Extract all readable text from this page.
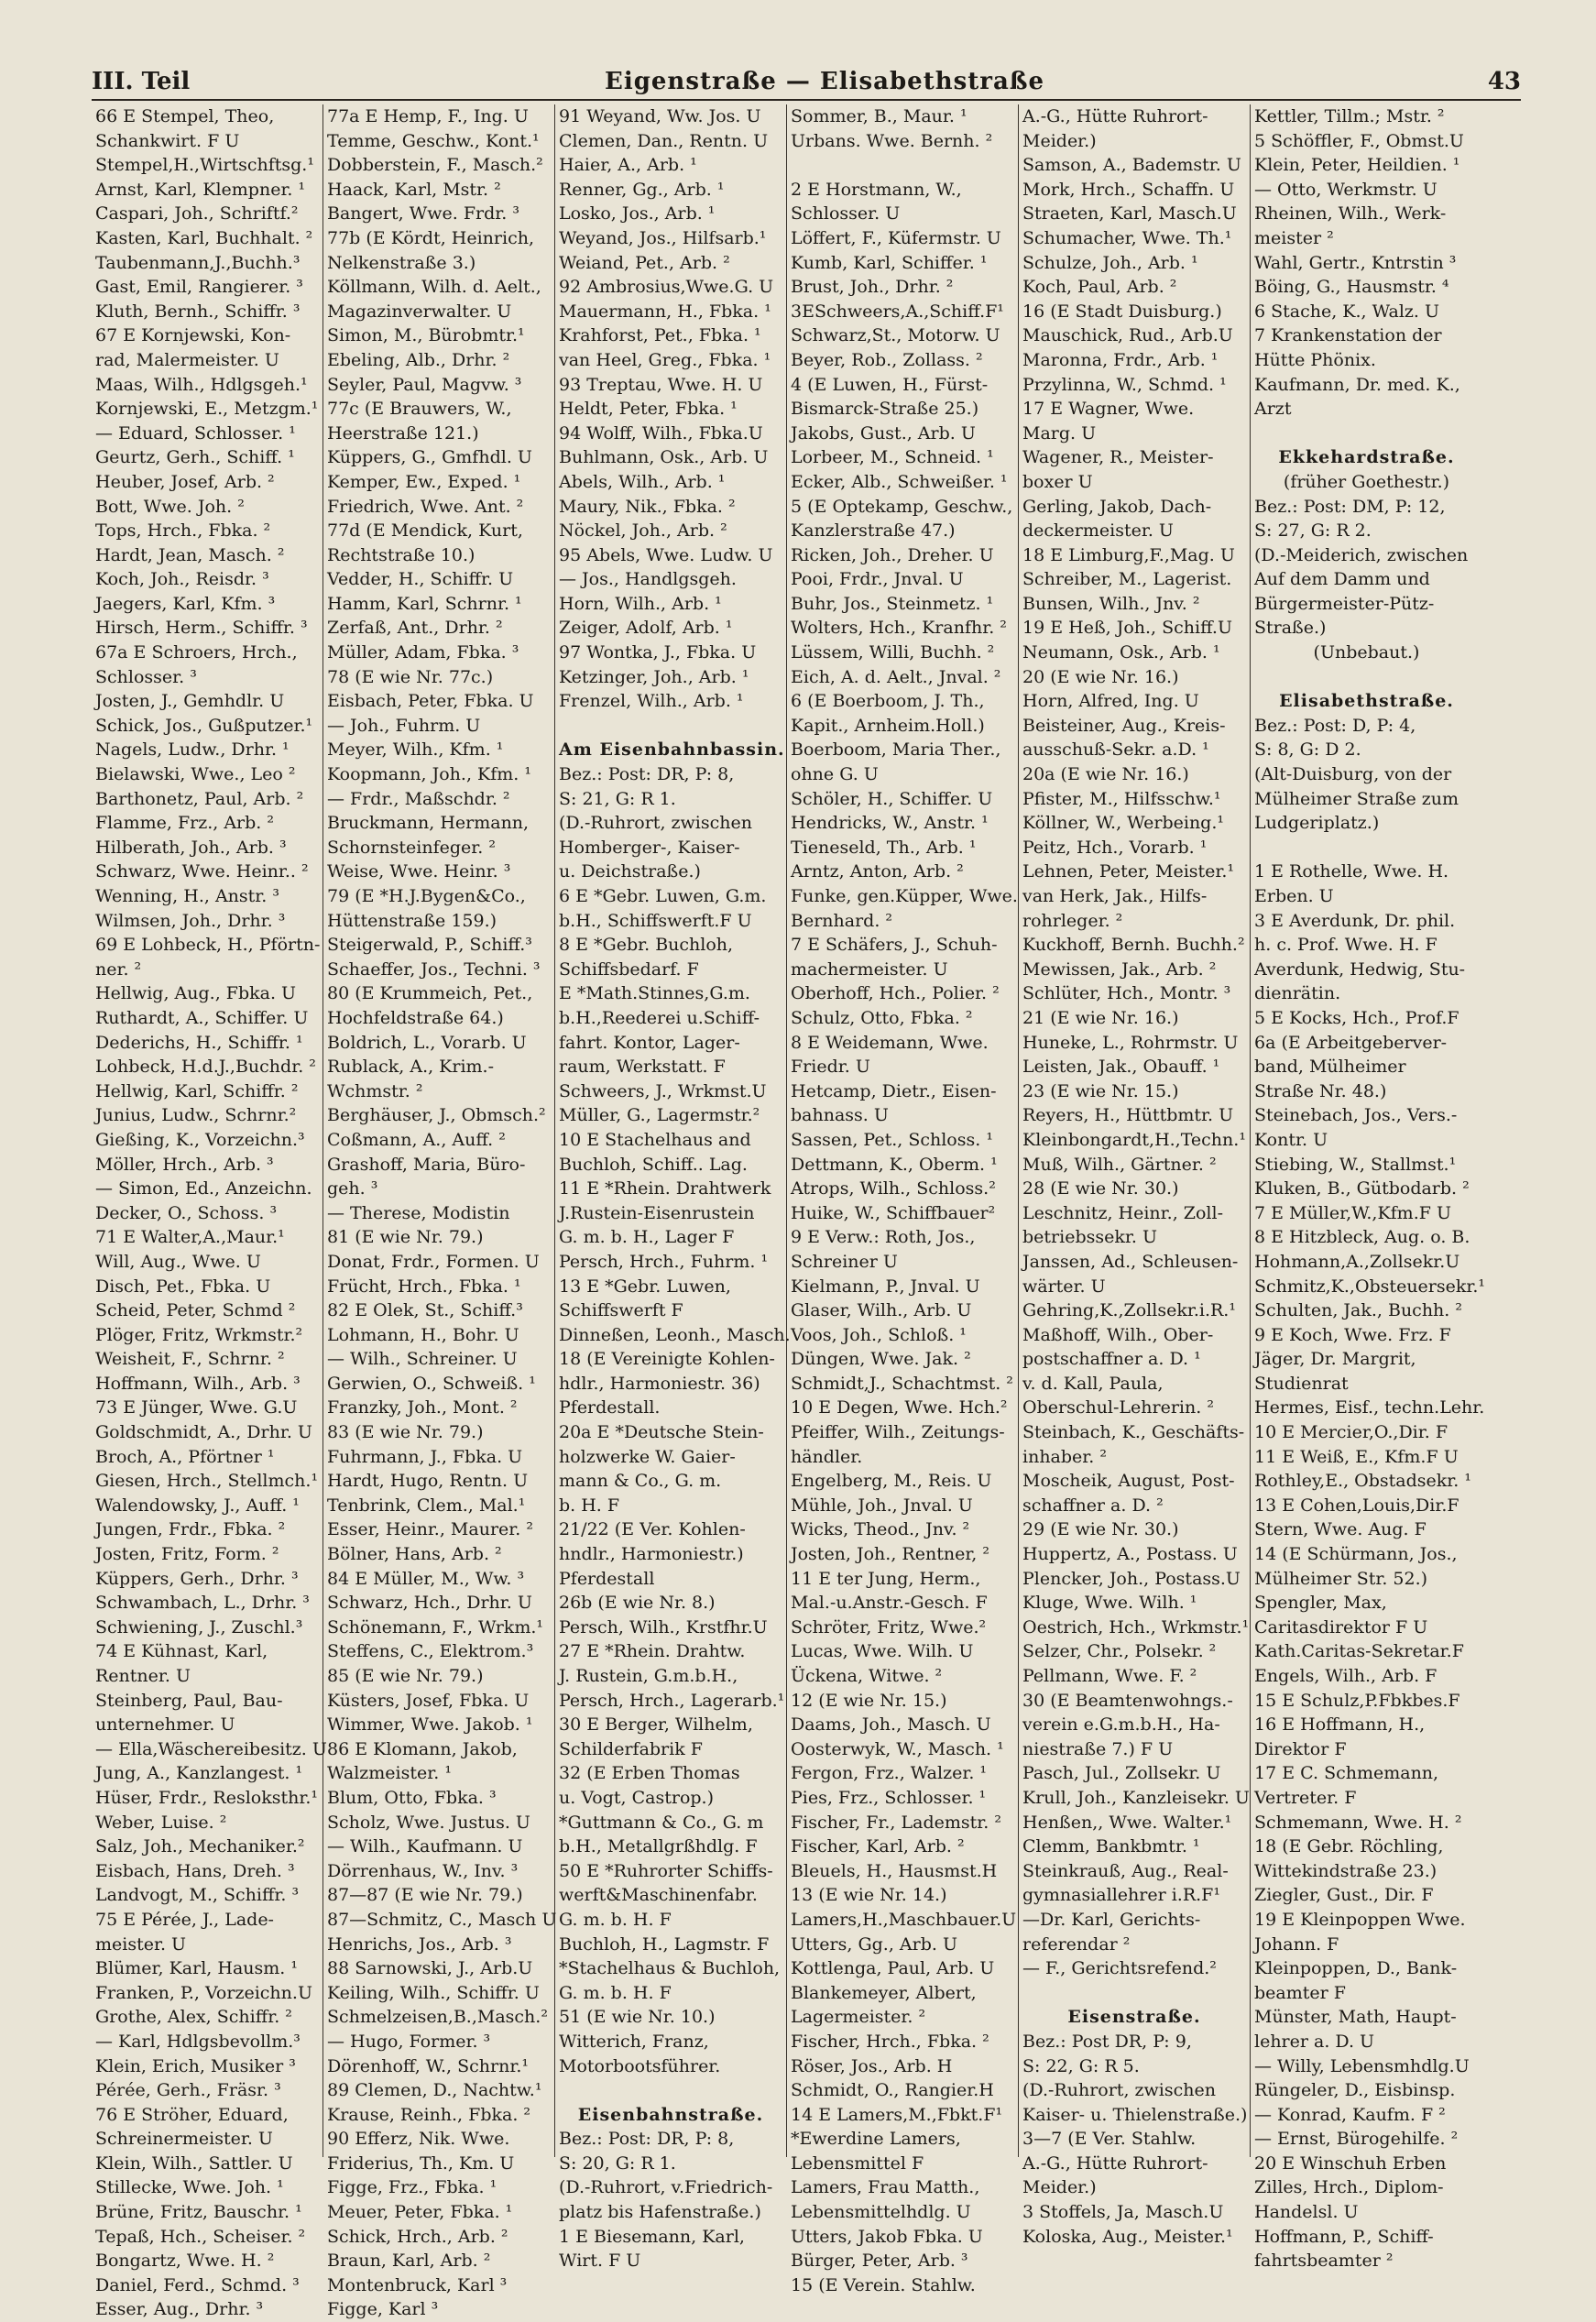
III. Teil	Eigenstraße — Elisabethstraße	43
66 E Stempel, Theo,
Schankwirt. F U
Stempel,H.,Wirtschftsg.¹
Arnst, Karl, Klempner. ¹
Caspari, Joh., Schriftf.²
Kasten, Karl, Buchhalt. ²
Taubenmann,J.,Buchh.³
Gast, Emil, Rangierer. ³
Kluth, Bernh., Schiffr. ³
67 E Kornjewski, Kon-
rad, Malermeister. U
Maas, Wilh., Hdlgsgeh.¹
Kornjewski, E., Metzgm.¹
— Eduard, Schlosser. ¹
Geurtz, Gerh., Schiff. ¹
Heuber, Josef, Arb. ²
Bott, Wwe. Joh. ²
Tops, Hrch., Fbka. ²
Hardt, Jean, Masch. ²
Koch, Joh., Reisdr. ³
Jaegers, Karl, Kfm. ³
Hirsch, Herm., Schiffr. ³
67a E Schroers, Hrch.,
Schlosser. ³
Josten, J., Gemhdlr. U
Schick, Jos., Gußputzer.¹
Nagels, Ludw., Drhr. ¹
Bielawski, Wwe., Leo ²
Barthonetz, Paul, Arb. ²
Flamme, Frz., Arb. ²
Hilberath, Joh., Arb. ³
Schwarz, Wwe. Heinr.. ²
Wenning, H., Anstr. ³
Wilmsen, Joh., Drhr. ³
69 E Lohbeck, H., Pförtn-
ner. ²
Hellwig, Aug., Fbka. U
Ruthardt, A., Schiffer. U
Dederichs, H., Schiffr. ¹
Lohbeck, H.d.J.,Buchdr. ²
Hellwig, Karl, Schiffr. ²
Junius, Ludw., Schrnr.²
Gießing, K., Vorzeichn.³
Möller, Hrch., Arb. ³
— Simon, Ed., Anzeichn.
Decker, O., Schoss. ³
71 E Walter,A.,Maur.¹
Will, Aug., Wwe. U
Disch, Pet., Fbka. U
Scheid, Peter, Schmd ²
Plöger, Fritz, Wrkmstr.²
Weisheit, F., Schrnr. ²
Hoffmann, Wilh., Arb. ³
73 E Jünger, Wwe. G.U
Goldschmidt, A., Drhr. U
Broch, A., Pförtner ¹
Giesen, Hrch., Stellmch.¹
Walendowsky, J., Auff. ¹
Jungen, Frdr., Fbka. ²
Josten, Fritz, Form. ²
Küppers, Gerh., Drhr. ³
Schwambach, L., Drhr. ³
Schwiening, J., Zuschl.³
74 E Kühnast, Karl,
Rentner. U
Steinberg, Paul, Bau-
unternehmer. U
— Ella,Wäschereibesitz. U
Jung, A., Kanzlangest. ¹
Hüser, Frdr., Resloksthr.¹
Weber, Luise. ²
Salz, Joh., Mechaniker.²
Eisbach, Hans, Dreh. ³
Landvogt, M., Schiffr. ³
75 E Pérée, J., Lade-
meister. U
Blümer, Karl, Hausm. ¹
Franken, P., Vorzeichn.U
Grothe, Alex, Schiffr. ²
— Karl, Hdlgsbevollm.³
Klein, Erich, Musiker ³
Pérée, Gerh., Fräsr. ³
76 E Ströher, Eduard,
Schreinermeister. U
Klein, Wilh., Sattler. U
Stillecke, Wwe. Joh. ¹
Brüne, Fritz, Bauschr. ¹
Tepaß, Hch., Scheiser. ²
Bongartz, Wwe. H. ²
Daniel, Ferd., Schmd. ³
Esser, Aug., Drhr. ³
77a E Hemp, F., Ing. U
Temme, Geschw., Kont.¹
Dobberstein, F., Masch.²
Haack, Karl, Mstr. ²
Bangert, Wwe. Frdr. ³
77b (E Kördt, Heinrich,
Nelkenstraße 3.)
Köllmann, Wilh. d. Aelt.,
Magazinverwalter. U
Simon, M., Bürobmtr.¹
Ebeling, Alb., Drhr. ²
Seyler, Paul, Magvw. ³
77c (E Brauwers, W.,
Heerstraße 121.)
Küppers, G., Gmfhdl. U
Kemper, Ew., Exped. ¹
Friedrich, Wwe. Ant. ²
77d (E Mendick, Kurt,
Rechtstraße 10.)
Vedder, H., Schiffr. U
Hamm, Karl, Schrnr. ¹
Zerfaß, Ant., Drhr. ²
Müller, Adam, Fbka. ³
78 (E wie Nr. 77c.)
Eisbach, Peter, Fbka. U
— Joh., Fuhrm. U
Meyer, Wilh., Kfm. ¹
Koopmann, Joh., Kfm. ¹
— Frdr., Maßschdr. ²
Bruckmann, Hermann,
Schornsteinfeger. ²
Weise, Wwe. Heinr. ³
79 (E *H.J.Bygen&Co.,
Hüttenstraße 159.)
Steigerwald, P., Schiff.³
Schaeffer, Jos., Techni. ³
80 (E Krummeich, Pet.,
Hochfeldstraße 64.)
Boldrich, L., Vorarb. U
Rublack, A., Krim.-
Wchmstr. ²
Berghäuser, J., Obmsch.²
Coßmann, A., Auff. ²
Grashoff, Maria, Büro-
geh. ³
— Therese, Modistin
81 (E wie Nr. 79.)
Donat, Frdr., Formen. U
Frücht, Hrch., Fbka. ¹
82 E Olek, St., Schiff.³
Lohmann, H., Bohr. U
— Wilh., Schreiner. U
Gerwien, O., Schweiß. ¹
Franzky, Joh., Mont. ²
83 (E wie Nr. 79.)
Fuhrmann, J., Fbka. U
Hardt, Hugo, Rentn. U
Tenbrink, Clem., Mal.¹
Esser, Heinr., Maurer. ²
Bölner, Hans, Arb. ²
84 E Müller, M., Ww. ³
Schwarz, Hch., Drhr. U
Schönemann, F., Wrkm.¹
Steffens, C., Elektrom.³
85 (E wie Nr. 79.)
Küsters, Josef, Fbka. U
Wimmer, Wwe. Jakob. ¹
86 E Klomann, Jakob,
Walzmeister. ¹
Blum, Otto, Fbka. ³
Scholz, Wwe. Justus. U
— Wilh., Kaufmann. U
Dörrenhaus, W., Inv. ³
87—87 (E wie Nr. 79.)
87—Schmitz, C., Masch U
Henrichs, Jos., Arb. ³
88 Sarnowski, J., Arb.U
Keiling, Wilh., Schiffr. U
Schmelzeisen,B.,Masch.²
— Hugo, Former. ³
Dörenhoff, W., Schrnr.¹
89 Clemen, D., Nachtw.¹
Krause, Reinh., Fbka. ²
90 Efferz, Nik. Wwe.
Friderius, Th., Km. U
Figge, Frz., Fbka. ¹
Meuer, Peter, Fbka. ¹
Schick, Hrch., Arb. ²
Braun, Karl, Arb. ²
Montenbruck, Karl ³
Figge, Karl ³
91 Weyand, Ww. Jos. U
Clemen, Dan., Rentn. U
Haier, A., Arb. ¹
Renner, Gg., Arb. ¹
Losko, Jos., Arb. ¹
Weyand, Jos., Hilfsarb.¹
Weiand, Pet., Arb. ²
92 Ambrosius,Wwe.G. U
Mauermann, H., Fbka. ¹
Krahforst, Pet., Fbka. ¹
van Heel, Greg., Fbka. ¹
93 Treptau, Wwe. H. U
Heldt, Peter, Fbka. ¹
94 Wolff, Wilh., Fbka.U
Buhlmann, Osk., Arb. U
Abels, Wilh., Arb. ¹
Maury, Nik., Fbka. ²
Nöckel, Joh., Arb. ²
95 Abels, Wwe. Ludw. U
— Jos., Handlgsgeh.
Horn, Wilh., Arb. ¹
Zeiger, Adolf, Arb. ¹
97 Wontka, J., Fbka. U
Ketzinger, Joh., Arb. ¹
Frenzel, Wilh., Arb. ¹
Am Eisenbahnbassin.
Bez.: Post: DR, P: 8,
S: 21, G: R 1.
(D.-Ruhrort, zwischen
Homberger-, Kaiser-
u. Deichstraße.)
6 E *Gebr. Luwen, G.m.
b.H., Schiffswerft.F U
8 E *Gebr. Buchloh,
Schiffsbedarf. F
E *Math.Stinnes,G.m.
b.H.,Reederei u.Schiff-
fahrt. Kontor, Lager-
raum, Werkstatt. F
Schweers, J., Wrkmst.U
Müller, G., Lagermstr.²
10 E Stachelhaus and
Buchloh, Schiff.. Lag.
11 E *Rhein. Drahtwerk
J.Rustein-Eisenrustein
G. m. b. H., Lager F
Persch, Hrch., Fuhrm. ¹
13 E *Gebr. Luwen,
Schiffswerft F
Dinneßen, Leonh., Masch.
18 (E Vereinigte Kohlen-
hdlr., Harmoniestr. 36)
Pferdestall.
20a E *Deutsche Stein-
holzwerke W. Gaier-
mann & Co., G. m.
b. H. F
21/22 (E Ver. Kohlen-
hndlr., Harmoniestr.)
Pferdestall
26b (E wie Nr. 8.)
Persch, Wilh., Krstfhr.U
27 E *Rhein. Drahtw.
J. Rustein, G.m.b.H.,
Persch, Hrch., Lagerarb.¹
30 E Berger, Wilhelm,
Schilderfabrik F
32 (E Erben Thomas
u. Vogt, Castrop.)
*Guttmann & Co., G. m
b.H., Metallgrßhdlg. F
50 E *Ruhrorter Schiffs-
werft&Maschinenfabr.
G. m. b. H. F
Buchloh, H., Lagmstr. F
*Stachelhaus & Buchloh,
G. m. b. H. F
51 (E wie Nr. 10.)
Witterich, Franz,
Motorbootsführer.
Eisenbahnstraße.
Bez.: Post: DR, P: 8,
S: 20, G: R 1.
(D.-Ruhrort, v.Friedrich-
platz bis Hafenstraße.)
1 E Biesemann, Karl,
Wirt. F U
Sommer, B., Maur. ¹
Urbans. Wwe. Bernh. ²
2 E Horstmann, W.,
Schlosser. U
Löffert, F., Küfermstr. U
Kumb, Karl, Schiffer. ¹
Brust, Joh., Drhr. ²
3ESchweers,A.,Schiff.F¹
Schwarz,St., Motorw. U
Beyer, Rob., Zollass. ²
4 (E Luwen, H., Fürst-
Bismarck-Straße 25.)
Jakobs, Gust., Arb. U
Lorbeer, M., Schneid. ¹
Ecker, Alb., Schweißer. ¹
5 (E Optekamp, Geschw.,
Kanzlerstraße 47.)
Ricken, Joh., Dreher. U
Pooi, Frdr., Jnval. U
Buhr, Jos., Steinmetz. ¹
Wolters, Hch., Kranfhr. ²
Lüssem, Willi, Buchh. ²
Eich, A. d. Aelt., Jnval. ²
6 (E Boerboom, J. Th.,
Kapit., Arnheim.Holl.)
Boerboom, Maria Ther.,
ohne G. U
Schöler, H., Schiffer. U
Hendricks, W., Anstr. ¹
Tieneseld, Th., Arb. ¹
Arntz, Anton, Arb. ²
Funke, gen.Küpper, Wwe.
Bernhard. ²
7 E Schäfers, J., Schuh-
machermeister. U
Oberhoff, Hch., Polier. ²
Schulz, Otto, Fbka. ²
8 E Weidemann, Wwe.
Friedr. U
Hetcamp, Dietr., Eisen-
bahnass. U
Sassen, Pet., Schloss. ¹
Dettmann, K., Oberm. ¹
Atrops, Wilh., Schloss.²
Huike, W., Schiffbauer²
9 E Verw.: Roth, Jos.,
Schreiner U
Kielmann, P., Jnval. U
Glaser, Wilh., Arb. U
Voos, Joh., Schloß. ¹
Düngen, Wwe. Jak. ²
Schmidt,J., Schachtmst. ²
10 E Degen, Wwe. Hch.²
Pfeiffer, Wilh., Zeitungs-
händler.
Engelberg, M., Reis. U
Mühle, Joh., Jnval. U
Wicks, Theod., Jnv. ²
Josten, Joh., Rentner, ²
11 E ter Jung, Herm.,
Mal.-u.Anstr.-Gesch. F
Schröter, Fritz, Wwe.²
Lucas, Wwe. Wilh. U
Ückena, Witwe. ²
12 (E wie Nr. 15.)
Daams, Joh., Masch. U
Oosterwyk, W., Masch. ¹
Fergon, Frz., Walzer. ¹
Pies, Frz., Schlosser. ¹
Fischer, Fr., Lademstr. ²
Fischer, Karl, Arb. ²
Bleuels, H., Hausmst.H
13 (E wie Nr. 14.)
Lamers,H.,Maschbauer.U
Utters, Gg., Arb. U
Kottlenga, Paul, Arb. U
Blankemeyer, Albert,
Lagermeister. ²
Fischer, Hrch., Fbka. ²
Röser, Jos., Arb. H
Schmidt, O., Rangier.H
14 E Lamers,M.,Fbkt.F¹
*Ewerdine Lamers,
Lebensmittel F
Lamers, Frau Matth.,
Lebensmittelhdlg. U
Utters, Jakob Fbka. U
Bürger, Peter, Arb. ³
15 (E Verein. Stahlw.
A.-G., Hütte Ruhrort-
Meider.)
Samson, A., Bademstr. U
Mork, Hrch., Schaffn. U
Straeten, Karl, Masch.U
Schumacher, Wwe. Th.¹
Schulze, Joh., Arb. ¹
Koch, Paul, Arb. ²
16 (E Stadt Duisburg.)
Mauschick, Rud., Arb.U
Maronna, Frdr., Arb. ¹
Przylinna, W., Schmd. ¹
17 E Wagner, Wwe.
Marg. U
Wagener, R., Meister-
boxer U
Gerling, Jakob, Dach-
deckermeister. U
18 E Limburg,F.,Mag. U
Schreiber, M., Lagerist.
Bunsen, Wilh., Jnv. ²
19 E Heß, Joh., Schiff.U
Neumann, Osk., Arb. ¹
20 (E wie Nr. 16.)
Horn, Alfred, Ing. U
Beisteiner, Aug., Kreis-
ausschuß-Sekr. a.D. ¹
20a (E wie Nr. 16.)
Pfister, M., Hilfsschw.¹
Köllner, W., Werbeing.¹
Peitz, Hch., Vorarb. ¹
Lehnen, Peter, Meister.¹
van Herk, Jak., Hilfs-
rohrleger. ²
Kuckhoff, Bernh. Buchh.²
Mewissen, Jak., Arb. ²
Schlüter, Hch., Montr. ³
21 (E wie Nr. 16.)
Huneke, L., Rohrmstr. U
Leisten, Jak., Obauff. ¹
23 (E wie Nr. 15.)
Reyers, H., Hüttbmtr. U
Kleinbongardt,H.,Techn.¹
Muß, Wilh., Gärtner. ²
28 (E wie Nr. 30.)
Leschnitz, Heinr., Zoll-
betriebssekr. U
Janssen, Ad., Schleusen-
wärter. U
Gehring,K.,Zollsekr.i.R.¹
Maßhoff, Wilh., Ober-
postschaffner a. D. ¹
v. d. Kall, Paula,
Oberschul-Lehrerin. ²
Steinbach, K., Geschäfts-
inhaber. ²
Moscheik, August, Post-
schaffner a. D. ²
29 (E wie Nr. 30.)
Huppertz, A., Postass. U
Plencker, Joh., Postass.U
Kluge, Wwe. Wilh. ¹
Oestrich, Hch., Wrkmstr.¹
Selzer, Chr., Polsekr. ²
Pellmann, Wwe. F. ²
30 (E Beamtenwohngs.-
verein e.G.m.b.H., Ha-
niestraße 7.) F U
Pasch, Jul., Zollsekr. U
Krull, Joh., Kanzleisekr. U
Henßen,, Wwe. Walter.¹
Clemm, Bankbmtr. ¹
Steinkrauß, Aug., Real-
gymnasiallehrer i.R.F¹
—Dr. Karl, Gerichts-
referendar ²
— F., Gerichtsrefend.²
Eisenstraße.
Bez.: Post DR, P: 9,
S: 22, G: R 5.
(D.-Ruhrort, zwischen
Kaiser- u. Thielenstraße.)
3—7 (E Ver. Stahlw.
A.-G., Hütte Ruhrort-
Meider.)
3 Stoffels, Ja, Masch.U
Koloska, Aug., Meister.¹
Kettler, Tillm.; Mstr. ²
5 Schöffler, F., Obmst.U
Klein, Peter, Heildien. ¹
— Otto, Werkmstr. U
Rheinen, Wilh., Werk-
meister ²
Wahl, Gertr., Kntrstin ³
Böing, G., Hausmstr. ⁴
6 Stache, K., Walz. U
7 Krankenstation der
Hütte Phönix.
Kaufmann, Dr. med. K.,
Arzt
Ekkehardstraße.
(früher Goethestr.)
Bez.: Post: DM, P: 12,
S: 27, G: R 2.
(D.-Meiderich, zwischen
Auf dem Damm und
Bürgermeister-Pütz-
Straße.)
(Unbebaut.)
Elisabethstraße.
Bez.: Post: D, P: 4,
S: 8, G: D 2.
(Alt-Duisburg, von der
Mülheimer Straße zum
Ludgeriplatz.)
1 E Rothelle, Wwe. H.
Erben. U
3 E Averdunk, Dr. phil.
h. c. Prof. Wwe. H. F
Averdunk, Hedwig, Stu-
dienrätin.
5 E Kocks, Hch., Prof.F
6a (E Arbeitgeberver-
band, Mülheimer
Straße Nr. 48.)
Steinebach, Jos., Vers.-
Kontr. U
Stiebing, W., Stallmst.¹
Kluken, B., Gütbodarb. ²
7 E Müller,W.,Kfm.F U
8 E Hitzbleck, Aug. o. B.
Hohmann,A.,Zollsekr.U
Schmitz,K.,Obsteuersekr.¹
Schulten, Jak., Buchh. ²
9 E Koch, Wwe. Frz. F
Jäger, Dr. Margrit,
Studienrat
Hermes, Eisf., techn.Lehr.
10 E Mercier,O.,Dir. F
11 E Weiß, E., Kfm.F U
Rothley,E., Obstadsekr. ¹
13 E Cohen,Louis,Dir.F
Stern, Wwe. Aug. F
14 (E Schürmann, Jos.,
Mülheimer Str. 52.)
Spengler, Max,
Caritasdirektor F U
Kath.Caritas-Sekretar.F
Engels, Wilh., Arb. F
15 E Schulz,P.Fbkbes.F
16 E Hoffmann, H.,
Direktor F
17 E C. Schmemann,
Vertreter. F
Schmemann, Wwe. H. ²
18 (E Gebr. Röchling,
Wittekindstraße 23.)
Ziegler, Gust., Dir. F
19 E Kleinpoppen Wwe.
Johann. F
Kleinpoppen, D., Bank-
beamter F
Münster, Math, Haupt-
lehrer a. D. U
— Willy, Lebensmhdlg.U
Rüngeler, D., Eisbinsp.
— Konrad, Kaufm. F ²
— Ernst, Bürogehilfe. ²
20 E Winschuh Erben
Zilles, Hrch., Diplom-
Handelsl. U
Hoffmann, P., Schiff-
fahrtsbeamter ²
